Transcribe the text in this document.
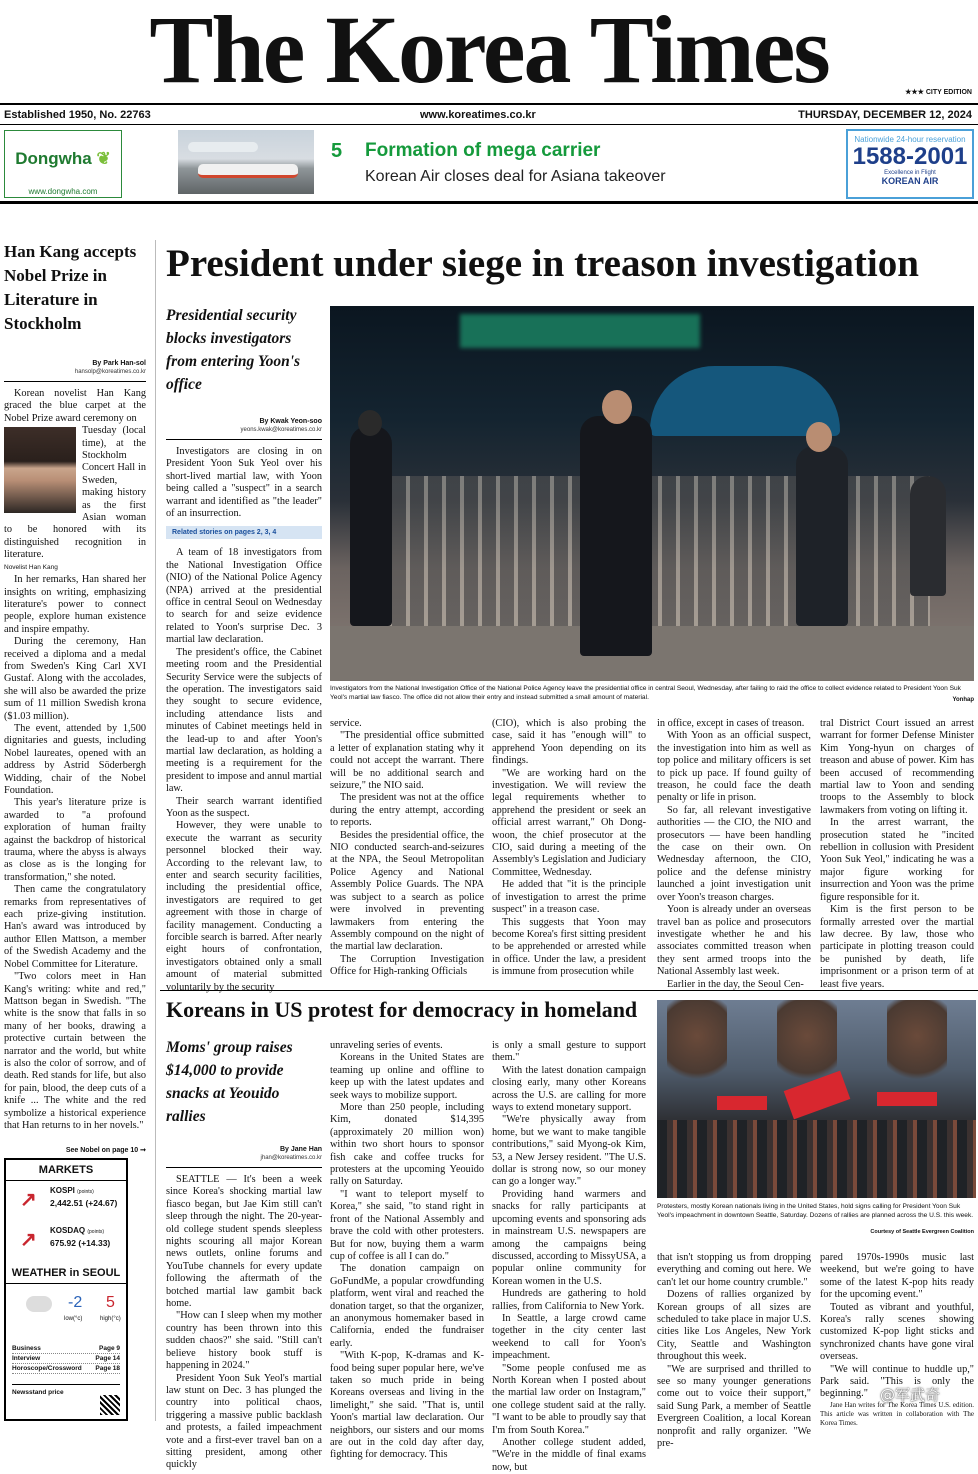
The Korea Times	★★★ CITY EDITION
Established 1950, No. 22763	www.koreatimes.co.kr	THURSDAY, DECEMBER 12, 2024
Dongwha ❦
www.dongwha.com
5 Formation of mega carrier
Korean Air closes deal for Asiana takeover
Nationwide 24-hour reservation
1588-2001
Excellence in Flight
KOREAN AIR
Han Kang accepts Nobel Prize in Literature in Stockholm
By Park Han-sol
hansolp@koreatimes.co.kr

Korean novelist Han Kang graced the blue carpet at the Nobel Prize award ceremony on

Tuesday (local time), at the Stockholm Concert Hall in Sweden, making history as the first Asian woman to be honored with its distinguished recognition in literature.

Novelist Han Kang

In her remarks, Han shared her insights on writing, emphasizing literature's power to connect people, explore human existence and inspire empathy.

During the ceremony, Han received a diploma and a medal from Sweden's King Carl XVI Gustaf. Along with the accolades, she will also be awarded the prize sum of 11 million Swedish krona ($1.03 million).

The event, attended by 1,500 dignitaries and guests, including Nobel laureates, opened with an address by Astrid Söderbergh Widding, chair of the Nobel Foundation.

This year's literature prize is awarded to "a profound exploration of human frailty against the backdrop of historical trauma, where the abyss is always as close as is the longing for transformation," she noted.

Then came the congratulatory remarks from representatives of each prize-giving institution. Han's award was introduced by author Ellen Mattson, a member of the Swedish Academy and the Nobel Committee for Literature.

"Two colors meet in Han Kang's writing: white and red," Mattson began in Swedish. "The white is the snow that falls in so many of her books, drawing a protective curtain between the narrator and the world, but white is also the color of sorrow, and of death. Red stands for life, but also for pain, blood, the deep cuts of a knife ... The white and the red symbolize a historical experience that Han returns to in her novels."

See Nobel on page 10 ➞
MARKETS
↗	KOSPI (points)
2,442.51 (+24.67)
↗	KOSDAQ (points)
675.92 (+14.33)
WEATHER in SEOUL
-2 5
low(°c)	high(°c)
Business	Page 9
Interview	Page 14
Horoscope/Crossword Page 18
Newsstand price
President under siege in treason investigation
Presidential security blocks investigators from entering Yoon's office
By Kwak Yeon-soo
yeons.kwak@koreatimes.co.kr

Investigators are closing in on President Yoon Suk Yeol over his short-lived martial law, with Yoon being called a "suspect" in a search warrant and identified as "the leader" of an insurrection.

Related stories on pages 2, 3, 4

A team of 18 investigators from the National Investigation Office (NIO) of the National Police Agency (NPA) arrived at the presidential office in central Seoul on Wednesday to search for and seize evidence related to Yoon's surprise Dec. 3 martial law declaration.

The president's office, the Cabinet meeting room and the Presidential Security Service were the subjects of the operation. The investigators said they sought to secure evidence, including attendance lists and minutes of Cabinet meetings held in the lead-up to and after Yoon's martial law declaration, as holding a meeting is a requirement for the president to impose and annul martial law.

Their search warrant identified Yoon as the suspect.

However, they were unable to execute the warrant as security personnel blocked their way. According to the relevant law, to enter and search security facilities, including the presidential office, investigators are required to get agreement with those in charge of facility management. Conducting a forcible search is barred. After nearly eight hours of confrontation, investigators obtained only a small amount of material submitted voluntarily by the security

Investigators from the National Investigation Office of the National Police Agency leave the presidential office in central Seoul, Wednesday, after failing to raid the office to collect evidence related to President Yoon Suk Yeol's martial law fiasco. The office did not allow their entry and instead submitted a small amount of material.	Yonhap

service.

"The presidential office submitted a letter of explanation stating why it could not accept the warrant. There will be no additional search and seizure," the NIO said.

The president was not at the office during the entry attempt, according to reports.

Besides the presidential office, the NIO conducted search-and-seizures at the NPA, the Seoul Metropolitan Police Agency and National Assembly Police Guards. The NPA was subject to a search as police were involved in preventing lawmakers from entering the Assembly compound on the night of the martial law declaration.

The Corruption Investigation Office for High-ranking Officials

(CIO), which is also probing the case, said it has "enough will" to apprehend Yoon depending on its findings.

"We are working hard on the investigation. We will review the legal requirements whether to apprehend the president or seek an official arrest warrant," Oh Dong-woon, the chief prosecutor at the CIO, said during a meeting of the Assembly's Legislation and Judiciary Committee, Wednesday.

He added that "it is the principle of investigation to arrest the prime suspect" in a treason case.

This suggests that Yoon may become Korea's first sitting president to be apprehended or arrested while in office. Under the law, a president is immune from prosecution while

in office, except in cases of treason.

With Yoon as an official suspect, the investigation into him as well as top police and military officers is set to pick up pace. If found guilty of treason, he could face the death penalty or life in prison.

So far, all relevant investigative authorities — the CIO, the NIO and prosecutors — have been handling the case on their own. On Wednesday afternoon, the CIO, police and the defense ministry launched a joint investigation unit over Yoon's treason charges.

Yoon is already under an overseas travel ban as police and prosecutors investigate whether he and his associates committed treason when they sent armed troops into the National Assembly last week.

Earlier in the day, the Seoul Cen-

tral District Court issued an arrest warrant for former Defense Minister Kim Yong-hyun on charges of treason and abuse of power. Kim has been accused of recommending martial law to Yoon and sending troops to the Assembly to block lawmakers from voting on lifting it.

In the arrest warrant, the prosecution stated he "incited rebellion in collusion with President Yoon Suk Yeol," indicating he was a major figure working for insurrection and Yoon was the prime figure responsible for it.

Kim is the first person to be formally arrested over the martial law decree. By law, those who participate in plotting treason could be punished by death, life imprisonment or a prison term of at least five years.

Koreans in US protest for democracy in homeland
Moms' group raises $14,000 to provide snacks at Yeouido rallies
By Jane Han
jhan@koreatimes.co.kr

SEATTLE — It's been a week since Korea's shocking martial law fiasco began, but Jae Kim still can't sleep through the night. The 20-year-old college student spends sleepless nights scouring all major Korean news outlets, online forums and YouTube channels for every update following the aftermath of the botched martial law gambit back home.

"How can I sleep when my mother country has been thrown into this sudden chaos?" she said. "Still can't believe history book stuff is happening in 2024."

President Yoon Suk Yeol's martial law stunt on Dec. 3 has plunged the country into political chaos, triggering a massive public backlash and protests, a failed impeachment vote and a first-ever travel ban on a sitting president, among other quickly

unraveling series of events.

Koreans in the United States are teaming up online and offline to keep up with the latest updates and seek ways to mobilize support.

More than 250 people, including Kim, donated $14,395 (approximately 20 million won) within two short hours to sponsor fish cake and coffee trucks for protesters at the upcoming Yeouido rally on Saturday.

"I want to teleport myself to Korea," she said, "to stand right in front of the National Assembly and brave the cold with other protesters. But for now, buying them a warm cup of coffee is all I can do."

The donation campaign on GoFundMe, a popular crowdfunding platform, went viral and reached the donation target, so that the organizer, an anonymous homemaker based in California, ended the fundraiser early.

"With K-pop, K-dramas and K-food being super popular here, we've taken so much pride in being Koreans overseas and living in the limelight," she said. "That is, until Yoon's martial law declaration. Our neighbors, our sisters and our moms are out in the cold day after day, fighting for democracy. This

is only a small gesture to support them."

With the latest donation campaign closing early, many other Koreans across the U.S. are calling for more ways to extend monetary support.

"We're physically away from home, but we want to make tangible contributions," said Myong-ok Kim, 53, a New Jersey resident. "The U.S. dollar is strong now, so our money can go a longer way."

Providing hand warmers and snacks for rally participants at upcoming events and sponsoring ads in mainstream U.S. newspapers are among the campaigns being discussed, according to MissyUSA, a popular online community for Korean women in the U.S.

Hundreds are gathering to hold rallies, from California to New York.

In Seattle, a large crowd came together in the city center last weekend to call for Yoon's impeachment.

"Some people confused me as North Korean when I posted about the martial law order on Instagram," one college student said at the rally. "I want to be able to proudly say that I'm from South Korea."

Another college student added, "We're in the middle of final exams now, but

Protesters, mostly Korean nationals living in the United States, hold signs calling for President Yoon Suk Yeol's impeachment in downtown Seattle, Saturday. Dozens of rallies are planned across the U.S. this week.
Courtesy of Seattle Evergreen Coalition

that isn't stopping us from dropping everything and coming out here. We can't let our home country crumble."

Dozens of rallies organized by Korean groups of all sizes are scheduled to take place in major U.S. cities like Los Angeles, New York City, Seattle and Washington throughout this week.

"We are surprised and thrilled to see so many younger generations come out to voice their support," said Sung Park, a member of Seattle Evergreen Coalition, a local Korean nonprofit and rally organizer. "We pre-

pared 1970s-1990s music last weekend, but we're going to have some of the latest K-pop hits ready for the upcoming event."

Touted as vibrant and youthful, Korea's rally scenes showing customized K-pop light sticks and synchronized chants have gone viral overseas.

"We will continue to huddle up," Park said. "This is only the beginning."

Jane Han writes for The Korea Times U.S. edition. This article was written in collaboration with The Korea Times.

@军武奇
